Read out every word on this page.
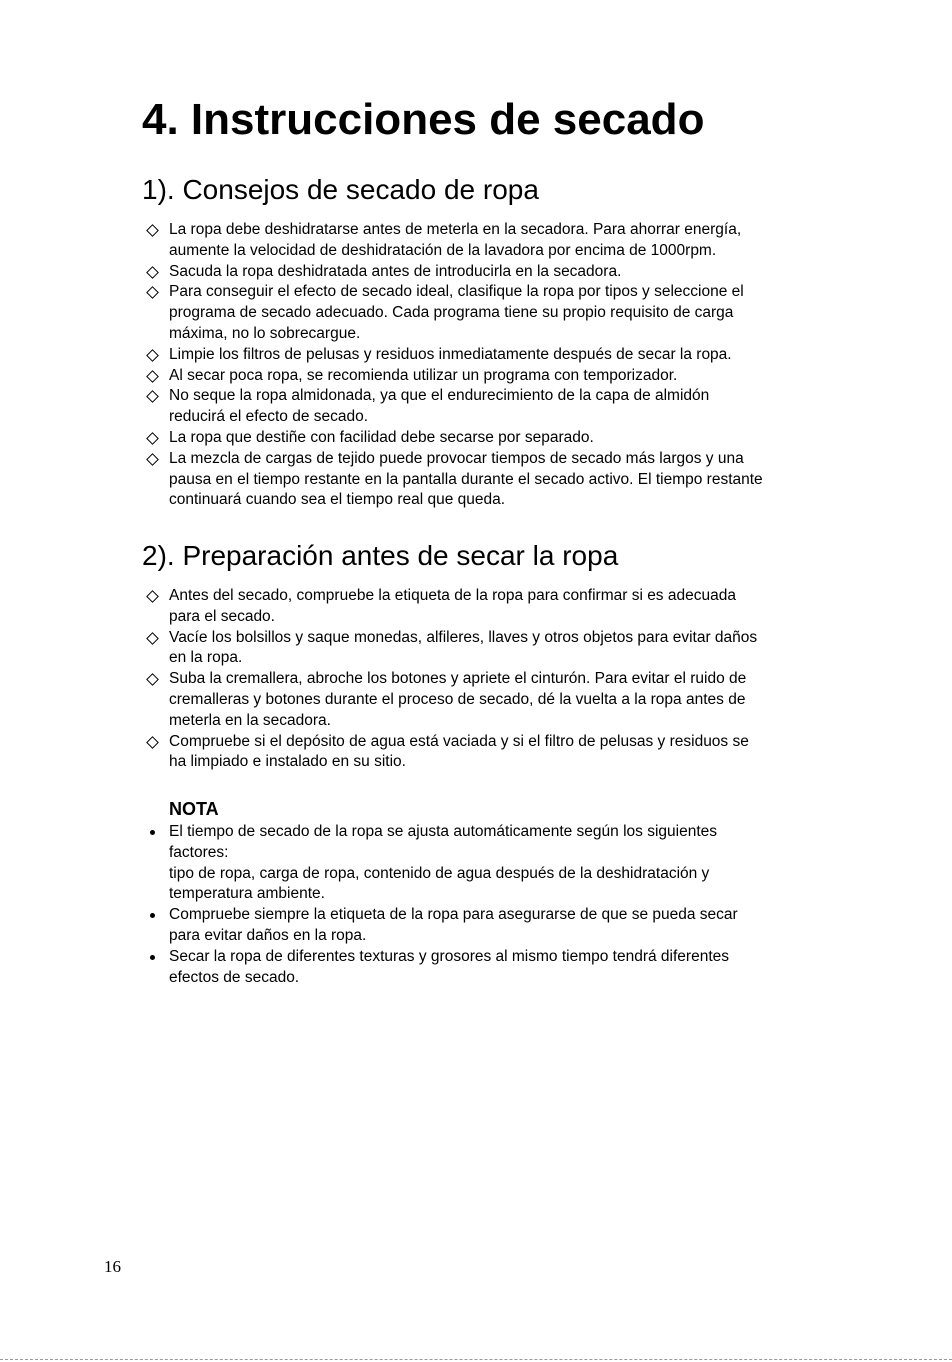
4. Instrucciones de secado
1). Consejos de secado de ropa
La ropa debe deshidratarse antes de meterla en la secadora. Para ahorrar energía,
aumente la velocidad de deshidratación de la lavadora por encima de 1000rpm.
Sacuda la ropa deshidratada antes de introducirla en la secadora.
Para conseguir el efecto de secado ideal, clasifique la ropa por tipos y seleccione el
programa de secado adecuado. Cada programa tiene su propio requisito de carga
máxima, no lo sobrecargue.
Limpie los filtros de pelusas y residuos inmediatamente después de secar la ropa.
Al secar poca ropa, se recomienda utilizar un programa con temporizador.
No seque la ropa almidonada, ya que el endurecimiento de la capa de almidón
reducirá el efecto de secado.
La ropa que destiñe con facilidad debe secarse por separado.
La mezcla de cargas de tejido puede provocar tiempos de secado más largos y una
pausa en el tiempo restante en la pantalla durante el secado activo. El tiempo restante
continuará cuando sea el tiempo real que queda.
2). Preparación antes de secar la ropa
Antes del secado, compruebe la etiqueta de la ropa para confirmar si es adecuada
para el secado.
Vacíe los bolsillos y saque monedas, alfileres, llaves y otros objetos para evitar daños
en la ropa.
Suba la cremallera, abroche los botones y apriete el cinturón. Para evitar el ruido de
cremalleras y botones durante el proceso de secado, dé la vuelta a la ropa antes de
meterla en la secadora.
Compruebe si el depósito de agua está vaciada y si el filtro de pelusas y residuos se
ha limpiado e instalado en su sitio.
NOTA
El tiempo de secado de la ropa se ajusta automáticamente según los siguientes
factores:
tipo de ropa, carga de ropa, contenido de agua después de la deshidratación y
temperatura ambiente.
Compruebe siempre la etiqueta de la ropa para asegurarse de que se pueda secar
para evitar daños en la ropa.
Secar la ropa de diferentes texturas y grosores al mismo tiempo tendrá diferentes
efectos de secado.
16
